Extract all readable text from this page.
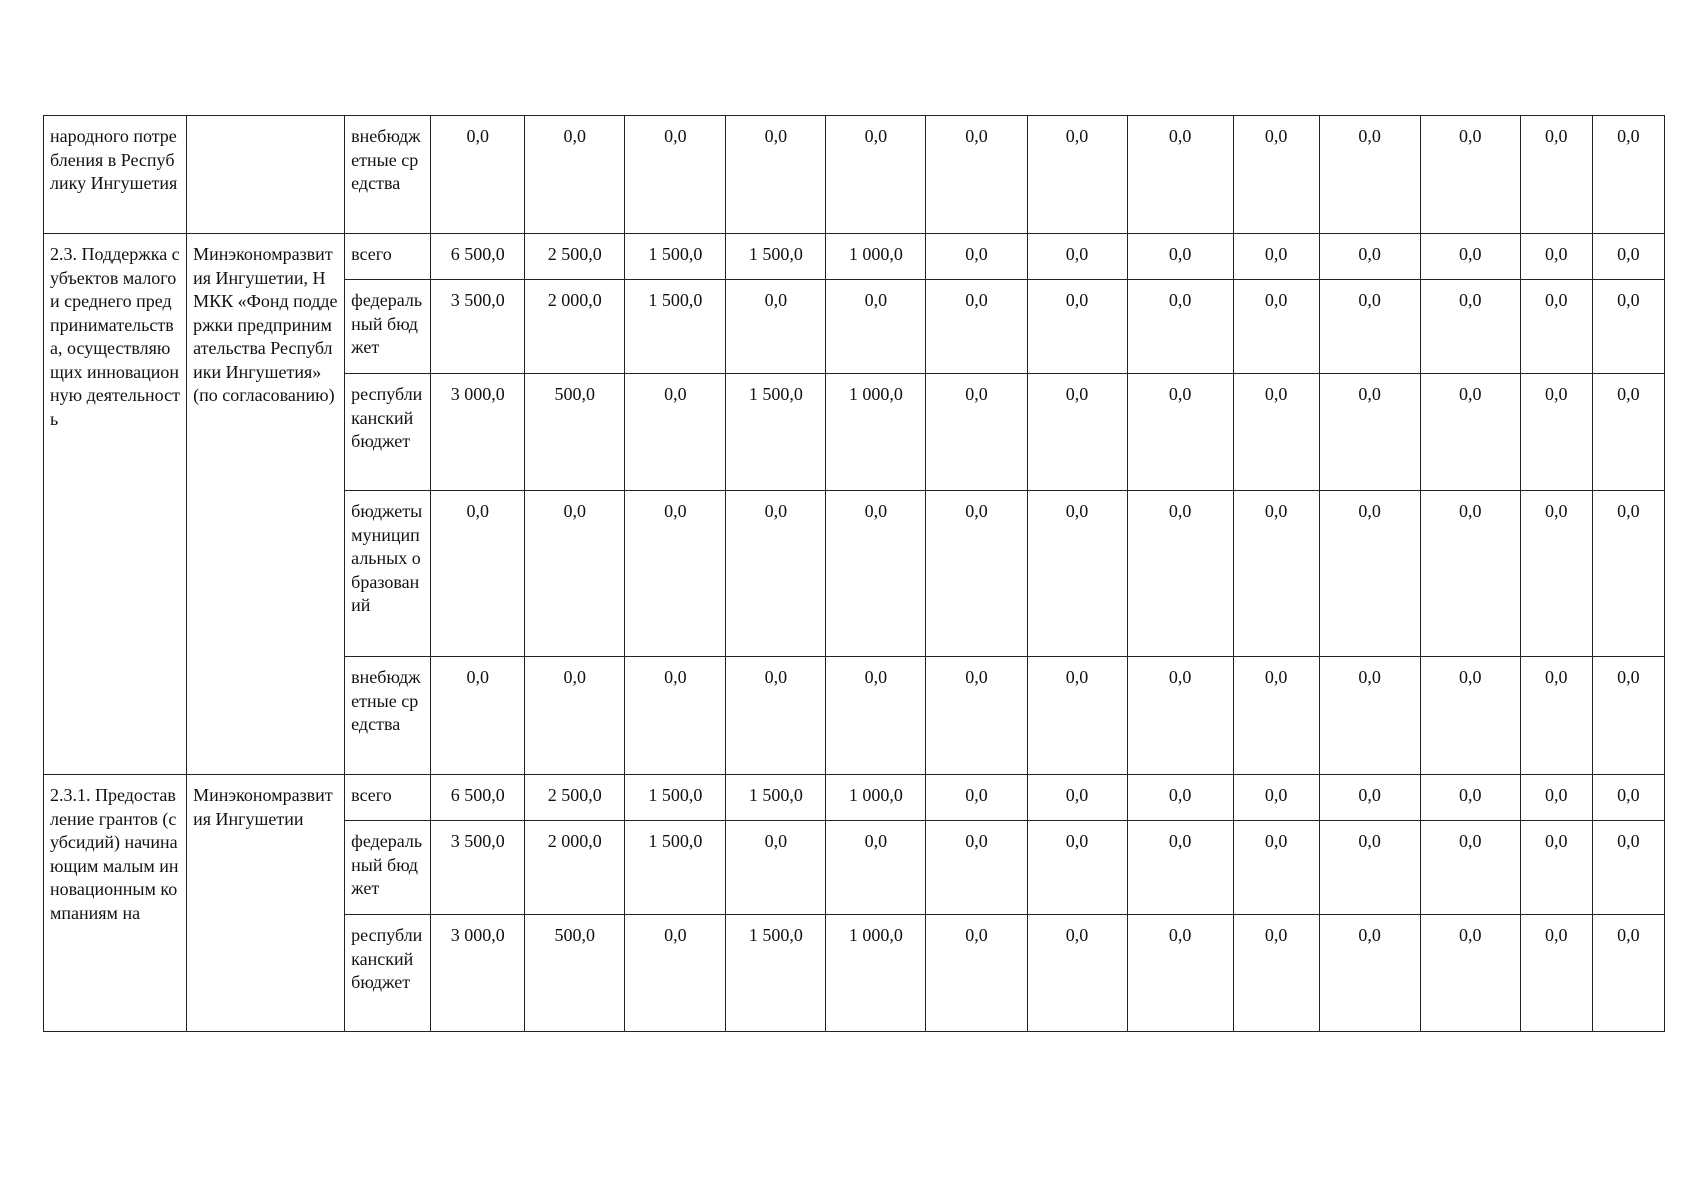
народного потребления в Республику Ингушетия		внебюджетные средства	0,0	0,0	0,0	0,0	0,0	0,0	0,0	0,0	0,0	0,0	0,0	0,0	0,0
2.3. Поддержка субъектов малого и среднего предпринимательства, осуществляющих инновационную деятельность	Минэкономразвития Ингушетии, НМКК «Фонд поддержки предпринимательства Республики Ингушетия» (по согласованию)	всего	6 500,0	2 500,0	1 500,0	1 500,0	1 000,0	0,0	0,0	0,0	0,0	0,0	0,0	0,0	0,0
		федеральный бюджет	3 500,0	2 000,0	1 500,0	0,0	0,0	0,0	0,0	0,0	0,0	0,0	0,0	0,0	0,0
		республиканский бюджет	3 000,0	500,0	0,0	1 500,0	1 000,0	0,0	0,0	0,0	0,0	0,0	0,0	0,0	0,0
		бюджеты муниципальных образований	0,0	0,0	0,0	0,0	0,0	0,0	0,0	0,0	0,0	0,0	0,0	0,0	0,0
		внебюджетные средства	0,0	0,0	0,0	0,0	0,0	0,0	0,0	0,0	0,0	0,0	0,0	0,0	0,0
2.3.1. Предоставление грантов (субсидий) начинающим малым инновационным компаниям на	Минэкономразвития Ингушетии	всего	6 500,0	2 500,0	1 500,0	1 500,0	1 000,0	0,0	0,0	0,0	0,0	0,0	0,0	0,0	0,0
		федеральный бюджет	3 500,0	2 000,0	1 500,0	0,0	0,0	0,0	0,0	0,0	0,0	0,0	0,0	0,0	0,0
		республиканский бюджет	3 000,0	500,0	0,0	1 500,0	1 000,0	0,0	0,0	0,0	0,0	0,0	0,0	0,0	0,0
